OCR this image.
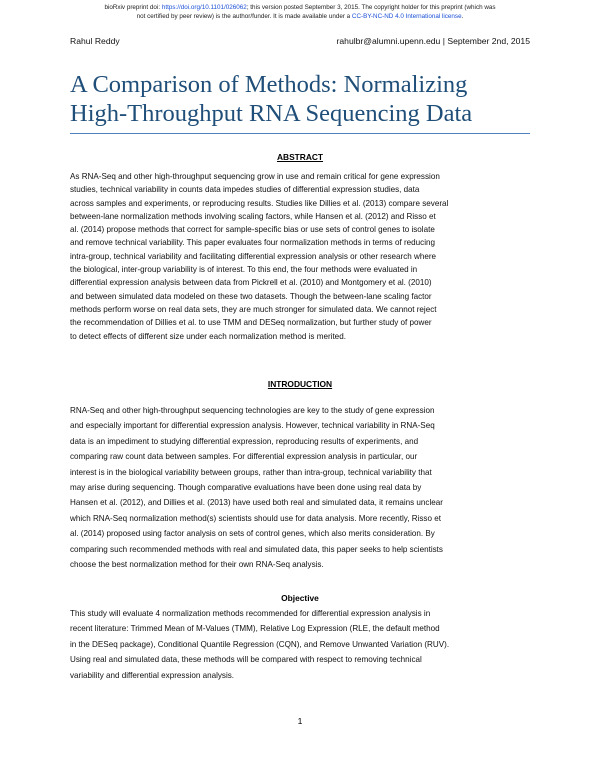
bioRxiv preprint doi: https://doi.org/10.1101/026062; this version posted September 3, 2015. The copyright holder for this preprint (which was
not certified by peer review) is the author/funder. It is made available under a CC-BY-NC-ND 4.0 International license.
Rahul Reddy	rahulbr@alumni.upenn.edu | September 2nd, 2015
A Comparison of Methods: Normalizing
High-Throughput RNA Sequencing Data
ABSTRACT
As RNA-Seq and other high-throughput sequencing grow in use and remain critical for gene expression
studies, technical variability in counts data impedes studies of differential expression studies, data
across samples and experiments, or reproducing results. Studies like Dillies et al. (2013) compare several
between-lane normalization methods involving scaling factors, while Hansen et al. (2012) and Risso et
al. (2014) propose methods that correct for sample-specific bias or use sets of control genes to isolate
and remove technical variability. This paper evaluates four normalization methods in terms of reducing
intra-group, technical variability and facilitating differential expression analysis or other research where
the biological, inter-group variability is of interest. To this end, the four methods were evaluated in
differential expression analysis between data from Pickrell et al. (2010) and Montgomery et al. (2010)
and between simulated data modeled on these two datasets. Though the between-lane scaling factor
methods perform worse on real data sets, they are much stronger for simulated data. We cannot reject
the recommendation of Dillies et al. to use TMM and DESeq normalization, but further study of power
to detect effects of different size under each normalization method is merited.
INTRODUCTION
RNA-Seq and other high-throughput sequencing technologies are key to the study of gene expression
and especially important for differential expression analysis. However, technical variability in RNA-Seq
data is an impediment to studying differential expression, reproducing results of experiments, and
comparing raw count data between samples. For differential expression analysis in particular, our
interest is in the biological variability between groups, rather than intra-group, technical variability that
may arise during sequencing. Though comparative evaluations have been done using real data by
Hansen et al. (2012), and Dillies et al. (2013) have used both real and simulated data, it remains unclear
which RNA-Seq normalization method(s) scientists should use for data analysis. More recently, Risso et
al. (2014) proposed using factor analysis on sets of control genes, which also merits consideration. By
comparing such recommended methods with real and simulated data, this paper seeks to help scientists
choose the best normalization method for their own RNA-Seq analysis.
Objective
This study will evaluate 4 normalization methods recommended for differential expression analysis in
recent literature: Trimmed Mean of M-Values (TMM), Relative Log Expression (RLE, the default method
in the DESeq package), Conditional Quantile Regression (CQN), and Remove Unwanted Variation (RUV).
Using real and simulated data, these methods will be compared with respect to removing technical
variability and differential expression analysis.
1
